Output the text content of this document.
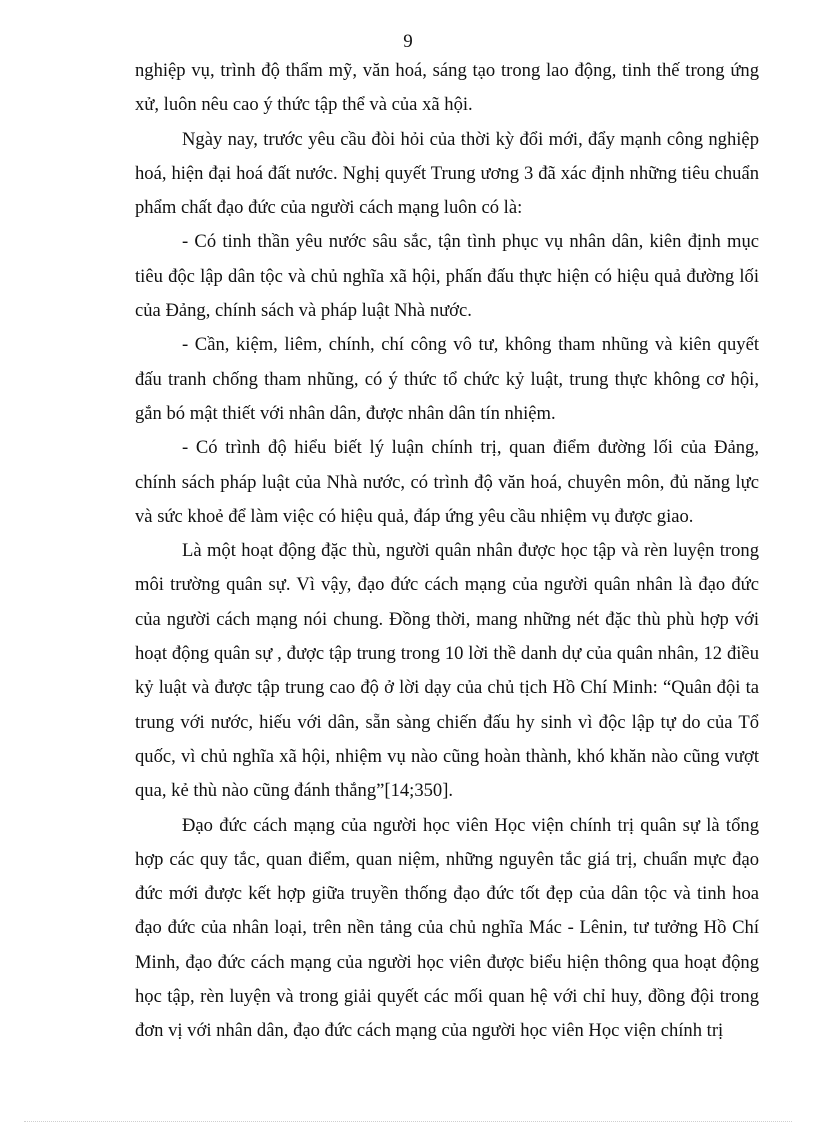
9

nghiệp vụ, trình độ thẩm mỹ, văn hoá, sáng tạo trong lao động, tinh thế trong ứng xử, luôn nêu cao ý thức tập thể và của xã hội.

Ngày nay, trước yêu cầu đòi hỏi của thời kỳ đổi mới, đẩy mạnh công nghiệp hoá, hiện đại hoá đất nước. Nghị quyết Trung ương 3 đã xác định những tiêu chuẩn phẩm chất đạo đức của người cách mạng luôn có là:

- Có tinh thần yêu nước sâu sắc, tận tình phục vụ nhân dân, kiên định mục tiêu độc lập dân tộc và chủ nghĩa xã hội, phấn đấu thực hiện có hiệu quả đường lối của Đảng, chính sách và pháp luật Nhà nước.

- Cần, kiệm, liêm, chính, chí công vô tư, không tham nhũng và kiên quyết đấu tranh chống tham nhũng, có ý thức tổ chức kỷ luật, trung thực không cơ hội, gắn bó mật thiết với nhân dân, được nhân dân tín nhiệm.

- Có trình độ hiểu biết lý luận chính trị, quan điểm đường lối của Đảng, chính sách pháp luật của Nhà nước, có trình độ văn hoá, chuyên môn, đủ năng lực và sức khoẻ để làm việc có hiệu quả, đáp ứng yêu cầu nhiệm vụ được giao.

Là một hoạt động đặc thù, người quân nhân được học tập và rèn luyện trong môi trường quân sự. Vì vậy, đạo đức cách mạng của người quân nhân là đạo đức của người cách mạng nói chung. Đồng thời, mang những nét đặc thù phù hợp với hoạt động quân sự , được tập trung trong 10 lời thề danh dự của quân nhân, 12 điều kỷ luật và được tập trung cao độ ở lời dạy của chủ tịch Hồ Chí Minh: “Quân đội ta trung với nước, hiếu với dân, sẵn sàng chiến đấu hy sinh vì độc lập tự do của Tổ quốc, vì chủ nghĩa xã hội, nhiệm vụ nào cũng hoàn thành, khó khăn nào cũng vượt qua, kẻ thù nào cũng đánh thắng”[14;350].

Đạo đức cách mạng của người học viên Học viện chính trị quân sự là tổng hợp các quy tắc, quan điểm, quan niệm, những nguyên tắc giá trị, chuẩn mực đạo đức mới được kết hợp giữa truyền thống đạo đức tốt đẹp của dân tộc và tinh hoa đạo đức của nhân loại, trên nền tảng của chủ nghĩa Mác - Lênin, tư tưởng Hồ Chí Minh, đạo đức cách mạng của người học viên được biểu hiện thông qua hoạt động học tập, rèn luyện và trong giải quyết các mối quan hệ với chỉ huy, đồng đội trong đơn vị với nhân dân, đạo đức cách mạng của người học viên Học viện chính trị
